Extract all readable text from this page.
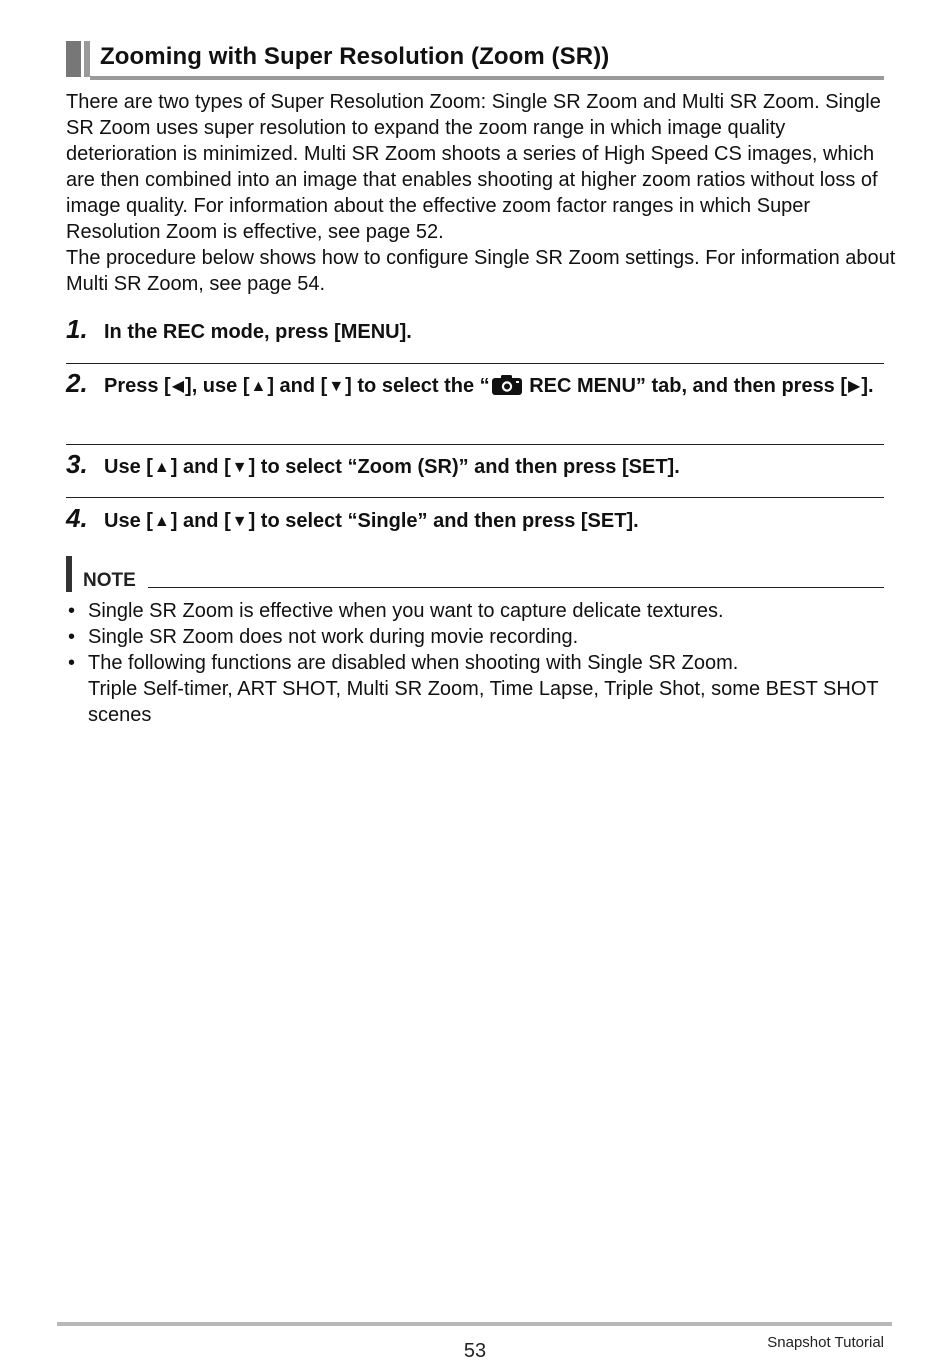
Zooming with Super Resolution (Zoom (SR))

There are two types of Super Resolution Zoom: Single SR Zoom and Multi SR Zoom. Single SR Zoom uses super resolution to expand the zoom range in which image quality deterioration is minimized. Multi SR Zoom shoots a series of High Speed CS images, which are then combined into an image that enables shooting at higher zoom ratios without loss of image quality. For information about the effective zoom factor ranges in which Super Resolution Zoom is effective, see page 52.

The procedure below shows how to configure Single SR Zoom settings. For information about Multi SR Zoom, see page 54.

1. In the REC mode, press [MENU].
2. Press [◀], use [▲] and [▼] to select the “ REC MENU” tab, and then press [▶].
3. Use [▲] and [▼] to select “Zoom (SR)” and then press [SET].
4. Use [▲] and [▼] to select “Single” and then press [SET].
NOTE
• Single SR Zoom is effective when you want to capture delicate textures.
• Single SR Zoom does not work during movie recording.
• The following functions are disabled when shooting with Single SR Zoom.
Triple Self-timer, ART SHOT, Multi SR Zoom, Time Lapse, Triple Shot, some BEST SHOT scenes
53	Snapshot Tutorial
